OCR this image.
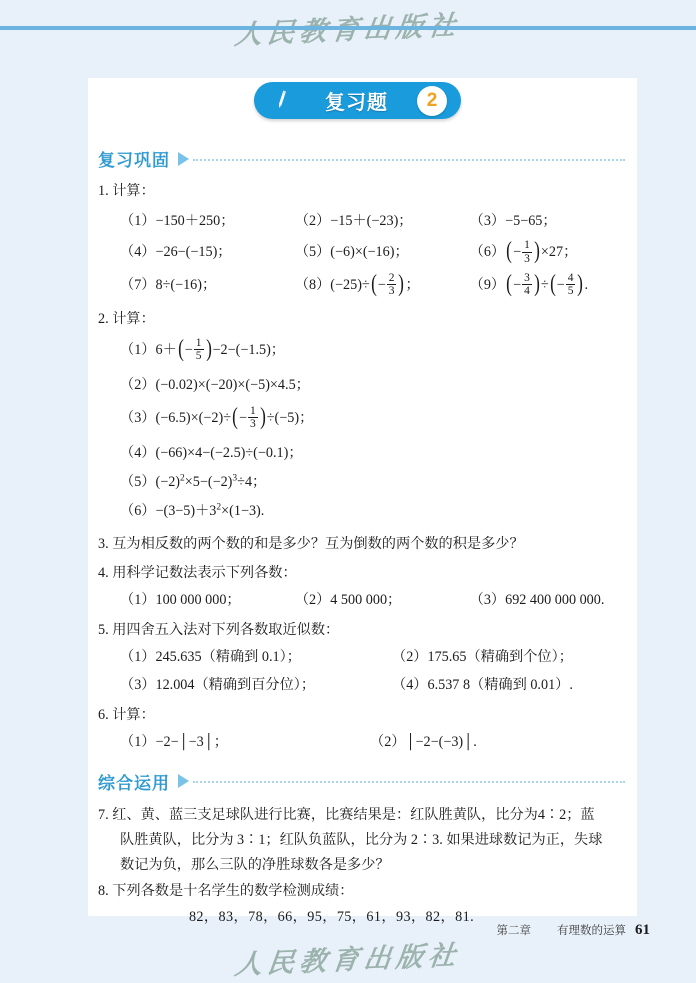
复习题	2
复习巩固
1. 计算：
（1）−150＋250；	（2）−15＋(−23)；	（3）−5−65；
（4）−26−(−15)；	（5）(−6)×(−16)；	$(6)(- \frac{1}{3} )\times 27$；
（7）8÷(−16)；	$(8)(-25)\div(- \frac{2}{3}$ )；	$(9)(- \frac{3}{4}$ )÷(− $\frac{4}{5}$ ).
2. 计算：
$(1)6+(- \frac{1}{5} )-2-(-1.5)$；
（2）(−0.02)×(−20)×(−5)×4.5；
$(3)(-6.5)\times(-2)\div(- \frac{1}{3} )\div(-5)$；
（4）(−66)×4−(−2.5)÷(−0.1)；
$(5)(-2)^2\times 5-(-2)^3\div 4$；
$(6)-(3-5)+3^2\times(1-3)$.
3. 互为相反数的两个数的和是多少？互为倒数的两个数的积是多少？
4. 用科学记数法表示下列各数：
（1）100 000 000；	（2）4 500 000；	（3）692 400 000 000.
5. 用四舍五入法对下列各数取近似数：
（1）245.635（精确到 0.1）；	（2）175.65（精确到个位）；
（3）12.004（精确到百分位）；	（4）6.537 8（精确到 0.01）.
6. 计算：
（1）−2−│−3│；	（2）│−2−(−3)│.
综合运用
7. 红、黄、蓝三支足球队进行比赛，比赛结果是：红队胜黄队，比分为4∶2；蓝
队胜黄队，比分为 3∶1；红队负蓝队，比分为 2∶3. 如果进球数记为正，失球
数记为负，那么三队的净胜球数各是多少？
8. 下列各数是十名学生的数学检测成绩：
82，83，78，66，95，75，61，93，82，81.
第二章 有理数的运算 61
人民教育出版社
